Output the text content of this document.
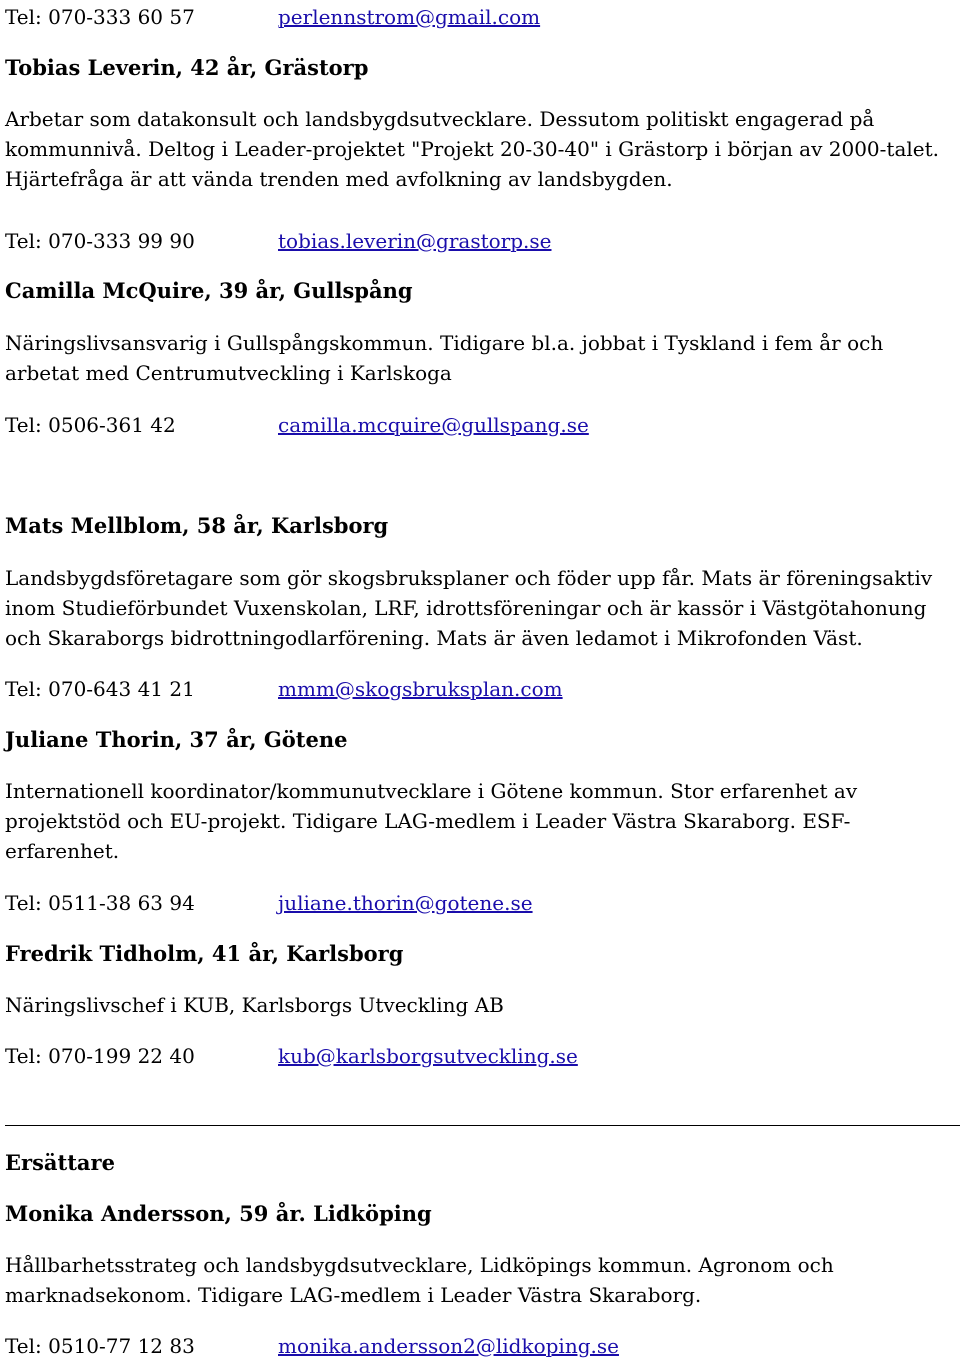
Tel: 070-333 60 57	perlennstrom@gmail.com
Tobias Leverin, 42 år, Grästorp
Arbetar som datakonsult och landsbygdsutvecklare. Dessutom politiskt engagerad på
kommunnivå. Deltog i Leader-projektet "Projekt 20-30-40" i Grästorp i början av 2000-talet.
Hjärtefråga är att vända trenden med avfolkning av landsbygden.
Tel: 070-333 99 90	tobias.leverin@grastorp.se
Camilla McQuire, 39 år, Gullspång
Näringslivsansvarig i Gullspångskommun. Tidigare bl.a. jobbat i Tyskland i fem år och
arbetat med Centrumutveckling i Karlskoga
Tel: 0506-361 42	camilla.mcquire@gullspang.se
Mats Mellblom, 58 år, Karlsborg
Landsbygdsföretagare som gör skogsbruksplaner och föder upp får. Mats är föreningsaktiv
inom Studieförbundet Vuxenskolan, LRF, idrottsföreningar och är kassör i Västgötahonung
och Skaraborgs bidrottningodlarförening. Mats är även ledamot i Mikrofonden Väst.
Tel: 070-643 41 21	mmm@skogsbruksplan.com
Juliane Thorin, 37 år, Götene
Internationell koordinator/kommunutvecklare i Götene kommun. Stor erfarenhet av
projektstöd och EU-projekt. Tidigare LAG-medlem i Leader Västra Skaraborg. ESF-
erfarenhet.
Tel: 0511-38 63 94	juliane.thorin@gotene.se
Fredrik Tidholm, 41 år, Karlsborg
Näringslivschef i KUB, Karlsborgs Utveckling AB
Tel: 070-199 22 40	kub@karlsborgsutveckling.se
Ersättare
Monika Andersson, 59 år. Lidköping
Hållbarhetsstrateg och landsbygdsutvecklare, Lidköpings kommun. Agronom och
marknadsekonom. Tidigare LAG-medlem i Leader Västra Skaraborg.
Tel: 0510-77 12 83	monika.andersson2@lidkoping.se
